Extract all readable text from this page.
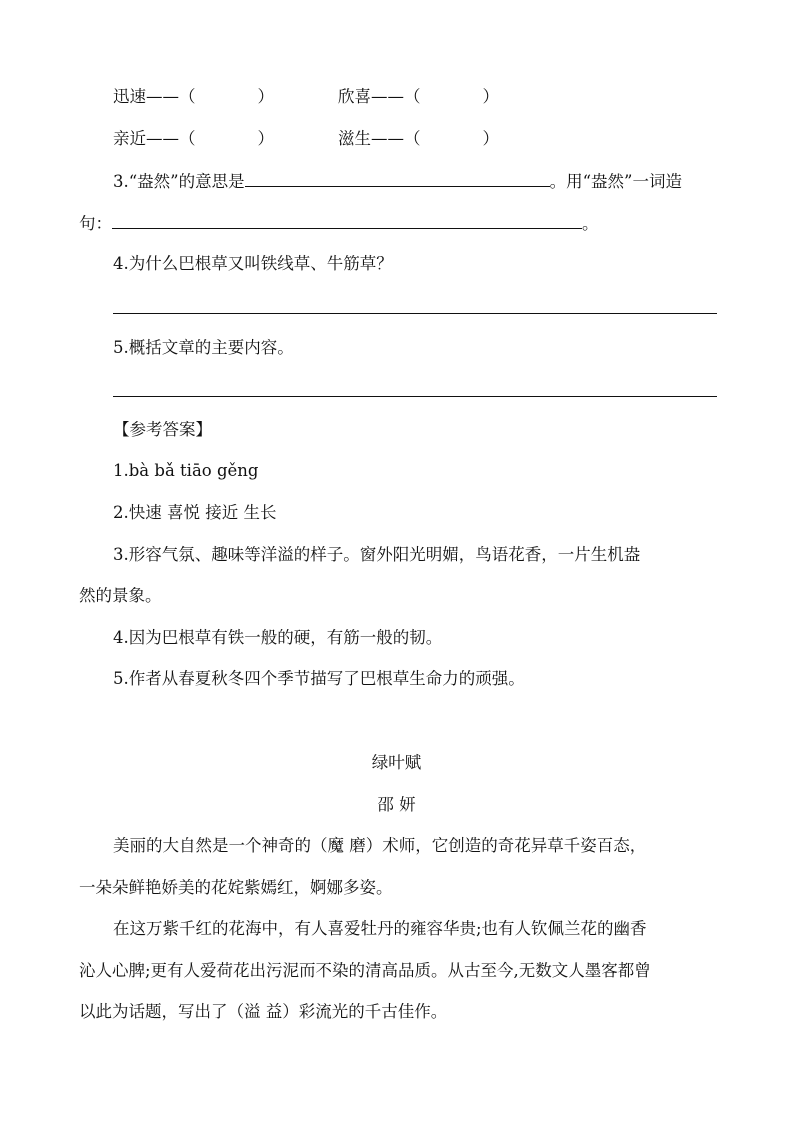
迅速——（	）	欣喜——（	）
亲近——（	）	滋生——（	）
3.“盎然”的意思是	。用“盎然”一词造
句：	。
4.为什么巴根草又叫铁线草、牛筋草？
5.概括文章的主要内容。
【参考答案】
1.bà bǎ tiāo gěng
2.快速 喜悦 接近 生长
3.形容气氛、趣味等洋溢的样子。窗外阳光明媚，鸟语花香，一片生机盎
然的景象。
4.因为巴根草有铁一般的硬，有筋一般的韧。
5.作者从春夏秋冬四个季节描写了巴根草生命力的顽强。
绿叶赋
邵 妍
美丽的大自然是一个神奇的（魔 磨）术师，它创造的奇花异草千姿百态，
一朵朵鲜艳娇美的花姹紫嫣红，婀娜多姿。
在这万紫千红的花海中，有人喜爱牡丹的雍容华贵;也有人钦佩兰花的幽香
沁人心脾;更有人爱荷花出污泥而不染的清高品质。从古至今,无数文人墨客都曾
以此为话题，写出了（溢 益）彩流光的千古佳作。
